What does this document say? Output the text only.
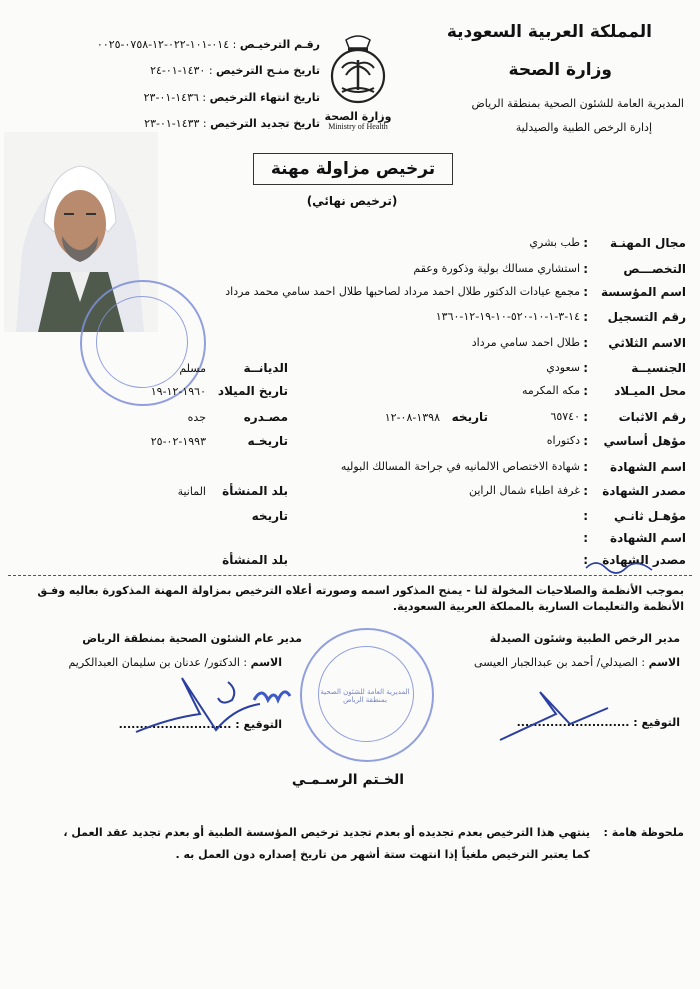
المملكة العربية السعودية
وزارة الصحة
المديرية العامة للشئون الصحية بمنطقة الرياض
إدارة الرخص الطبية والصيدلية
وزارة الصحة
Ministry of Health
رقـم الترخيـص : ٠١٤-١٠١-٠٢٢-١٢-٠٧٥٨-٠٠٢٥
تاريخ منـح الترخيص : ١٤٣٠-٠١-٢٤
تاريخ انتهاء الترخيص : ١٤٣٦-٠١-٢٣
تاريخ تجديد الترخيص : ١٤٣٣-٠١-٢٣
المديرية العامة للشئون الصحية بمنطقة الرياض
ترخيص مزاولة مهنة
(ترخيص نهائي)
مجال المهنـة
:
طب بشري
التخصـــص
:
استشاري مسالك بولية وذكورة وعقم
اسم المؤسسة
:
مجمع عيادات الدكتور طلال احمد مرداد لصاحبها طلال احمد سامي محمد مرداد
رقم التسجيل
:
١٤-٣-١-١٠-٥٢٠-١٠-١٩-١٢-١٣٦٠
الاسم الثلاثي
:
طلال احمد سامي مرداد
الجنسيــة
:
سعودي
الديانــة
مسلم
محل الميـلاد
:
مكه المكرمه
تاريخ الميلاد
١٩٦٠-١٢-١٩
رقم الاثبات
:
٦٥٧٤٠
تاريخه
١٣٩٨-٠٨-١٢
مصـدره
جده
مؤهل أساسي
:
دكتوراه
تاريخـه
١٩٩٣-٠٢-٢٥
اسم الشهادة
:
شهادة الاختصاص الالمانيه في جراحة المسالك البوليه
مصدر الشهادة
:
غرفة اطباء شمال الراين
بلد المنشأة
المانية
مؤهـل ثانـي
:
تاريخه
اسم الشهادة
:
مصدر الشهادة
:
بلد المنشأة
بموجب الأنظمة والصلاحيات المخولة لنا - يمنح المذكور اسمه وصورته أعلاه الترخيص بمزاولة المهنة المذكورة بعاليه وفـق
الأنظمة والتعليمات السارية بالمملكة العربية السعودية.
مدير الرخص الطبية وشئون الصيدلة
الاسم : الصيدلي/ أحمد بن عبدالجبار العيسى
التوقيع : ...........................
مدير عام الشئون الصحية بمنطقة الرياض
الاسم : الدكتور/ عدنان بن سليمان العبدالكريم
التوقيع : ...........................
الخـتم الرسـمـي
ملحوظة هامة :
ينتهي هذا الترخيص بعدم تجديده أو بعدم تجديد ترخيص المؤسسة الطبية أو بعدم تجديد عقد العمل ،
كما يعتبر الترخيص ملغياً إذا انتهت ستة أشهر من تاريخ إصداره دون العمل به .
